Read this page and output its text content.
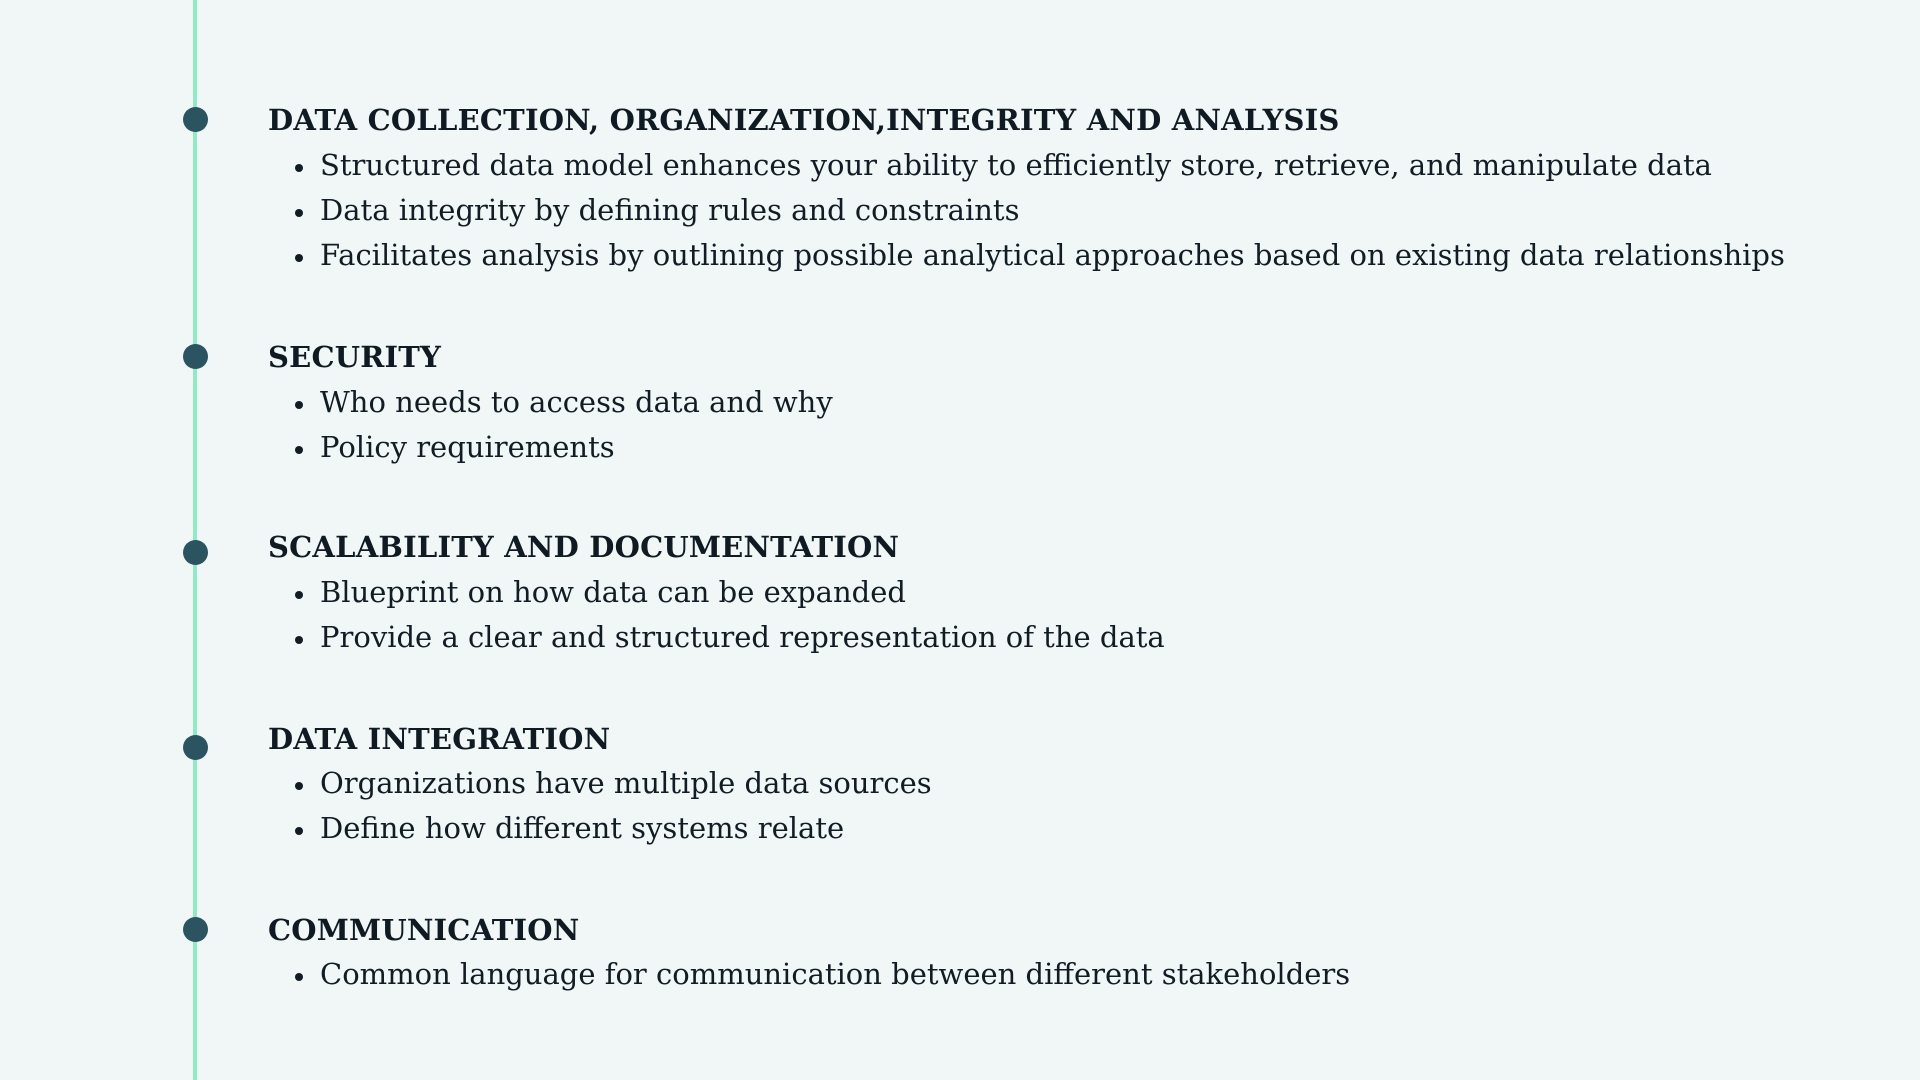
DATA COLLECTION, ORGANIZATION,INTEGRITY AND ANALYSIS
Structured data model enhances your ability to efficiently store, retrieve, and manipulate data
Data integrity by defining rules and constraints
Facilitates analysis by outlining possible analytical approaches based on existing data relationships
SECURITY
Who needs to access data and why
Policy requirements
SCALABILITY AND DOCUMENTATION
Blueprint on how data can be expanded
Provide a clear and structured representation of the data
DATA INTEGRATION
Organizations have multiple data sources
Define how different systems relate
COMMUNICATION
Common language for communication between different stakeholders
